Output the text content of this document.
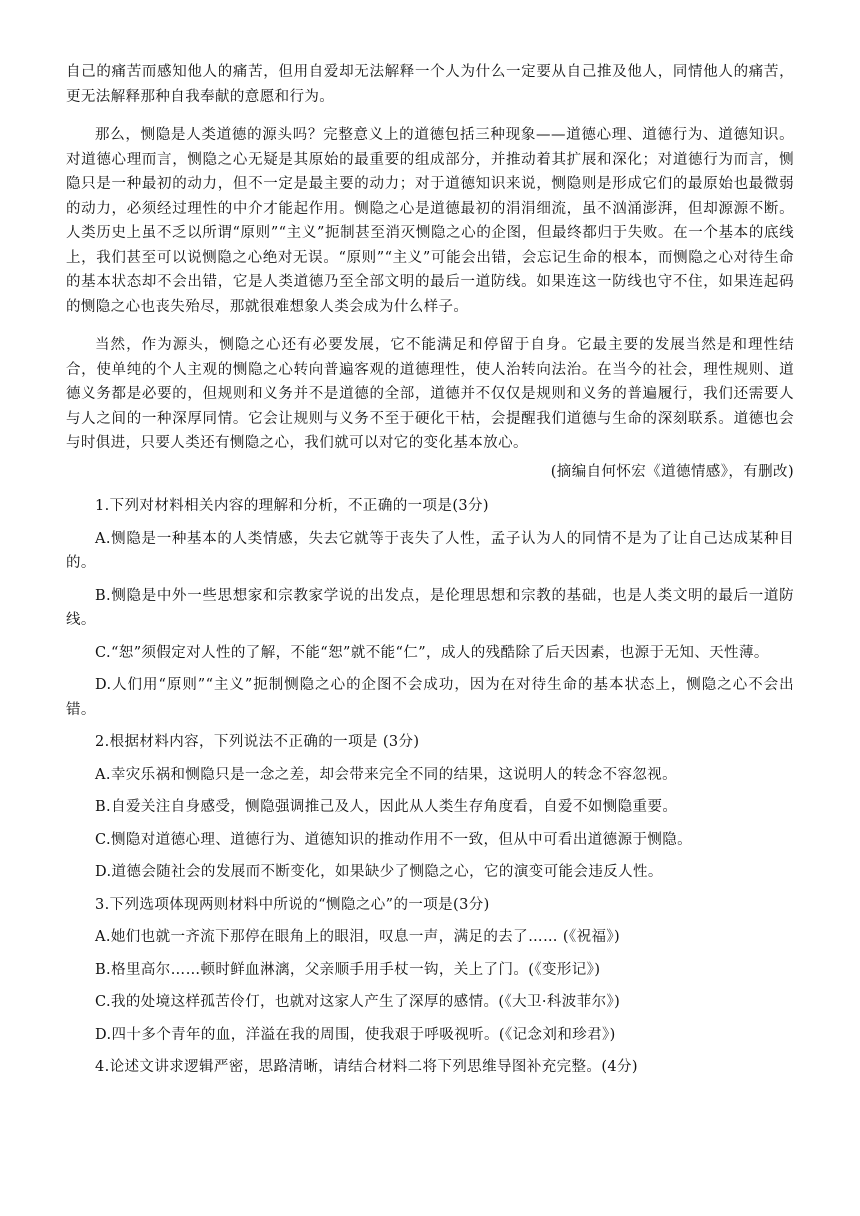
自己的痛苦而感知他人的痛苦，但用自爱却无法解释一个人为什么一定要从自己推及他人，同情他人的痛苦，更无法解释那种自我奉献的意愿和行为。

那么，恻隐是人类道德的源头吗？完整意义上的道德包括三种现象——道德心理、道德行为、道德知识。对道德心理而言，恻隐之心无疑是其原始的最重要的组成部分，并推动着其扩展和深化；对道德行为而言，恻隐只是一种最初的动力，但不一定是最主要的动力；对于道德知识来说，恻隐则是形成它们的最原始也最微弱的动力，必须经过理性的中介才能起作用。恻隐之心是道德最初的涓涓细流，虽不汹涌澎湃，但却源源不断。人类历史上虽不乏以所谓“原则”“主义”扼制甚至消灭恻隐之心的企图，但最终都归于失败。在一个基本的底线上，我们甚至可以说恻隐之心绝对无误。“原则”“主义”可能会出错，会忘记生命的根本，而恻隐之心对待生命的基本状态却不会出错，它是人类道德乃至全部文明的最后一道防线。如果连这一防线也守不住，如果连起码的恻隐之心也丧失殆尽，那就很难想象人类会成为什么样子。

当然，作为源头，恻隐之心还有必要发展，它不能满足和停留于自身。它最主要的发展当然是和理性结合，使单纯的个人主观的恻隐之心转向普遍客观的道德理性，使人治转向法治。在当今的社会，理性规则、道德义务都是必要的，但规则和义务并不是道德的全部，道德并不仅仅是规则和义务的普遍履行，我们还需要人与人之间的一种深厚同情。它会让规则与义务不至于硬化干枯，会提醒我们道德与生命的深刻联系。道德也会与时俱进，只要人类还有恻隐之心，我们就可以对它的变化基本放心。

(摘编自何怀宏《道德情感》，有删改)

1.下列对材料相关内容的理解和分析，不正确的一项是(3分)

A.恻隐是一种基本的人类情感，失去它就等于丧失了人性，孟子认为人的同情不是为了让自己达成某种目的。

B.恻隐是中外一些思想家和宗教家学说的出发点，是伦理思想和宗教的基础，也是人类文明的最后一道防线。

C.“恕”须假定对人性的了解，不能“恕”就不能“仁”，成人的残酷除了后天因素，也源于无知、天性薄。

D.人们用“原则”“主义”扼制恻隐之心的企图不会成功，因为在对待生命的基本状态上，恻隐之心不会出错。

2.根据材料内容，下列说法不正确的一项是 (3分)

A.幸灾乐祸和恻隐只是一念之差，却会带来完全不同的结果，这说明人的转念不容忽视。

B.自爱关注自身感受，恻隐强调推己及人，因此从人类生存角度看，自爱不如恻隐重要。

C.恻隐对道德心理、道德行为、道德知识的推动作用不一致，但从中可看出道德源于恻隐。

D.道德会随社会的发展而不断变化，如果缺少了恻隐之心，它的演变可能会违反人性。

3.下列选项体现两则材料中所说的“恻隐之心”的一项是(3分)

A.她们也就一齐流下那停在眼角上的眼泪，叹息一声，满足的去了…… (《祝福》)

B.格里高尔……顿时鲜血淋漓，父亲顺手用手杖一钩，关上了门。(《变形记》)

C.我的处境这样孤苦伶仃，也就对这家人产生了深厚的感情。(《大卫·科波菲尔》)

D.四十多个青年的血，洋溢在我的周围，使我艰于呼吸视听。(《记念刘和珍君》)

4.论述文讲求逻辑严密，思路清晰，请结合材料二将下列思维导图补充完整。(4分)
